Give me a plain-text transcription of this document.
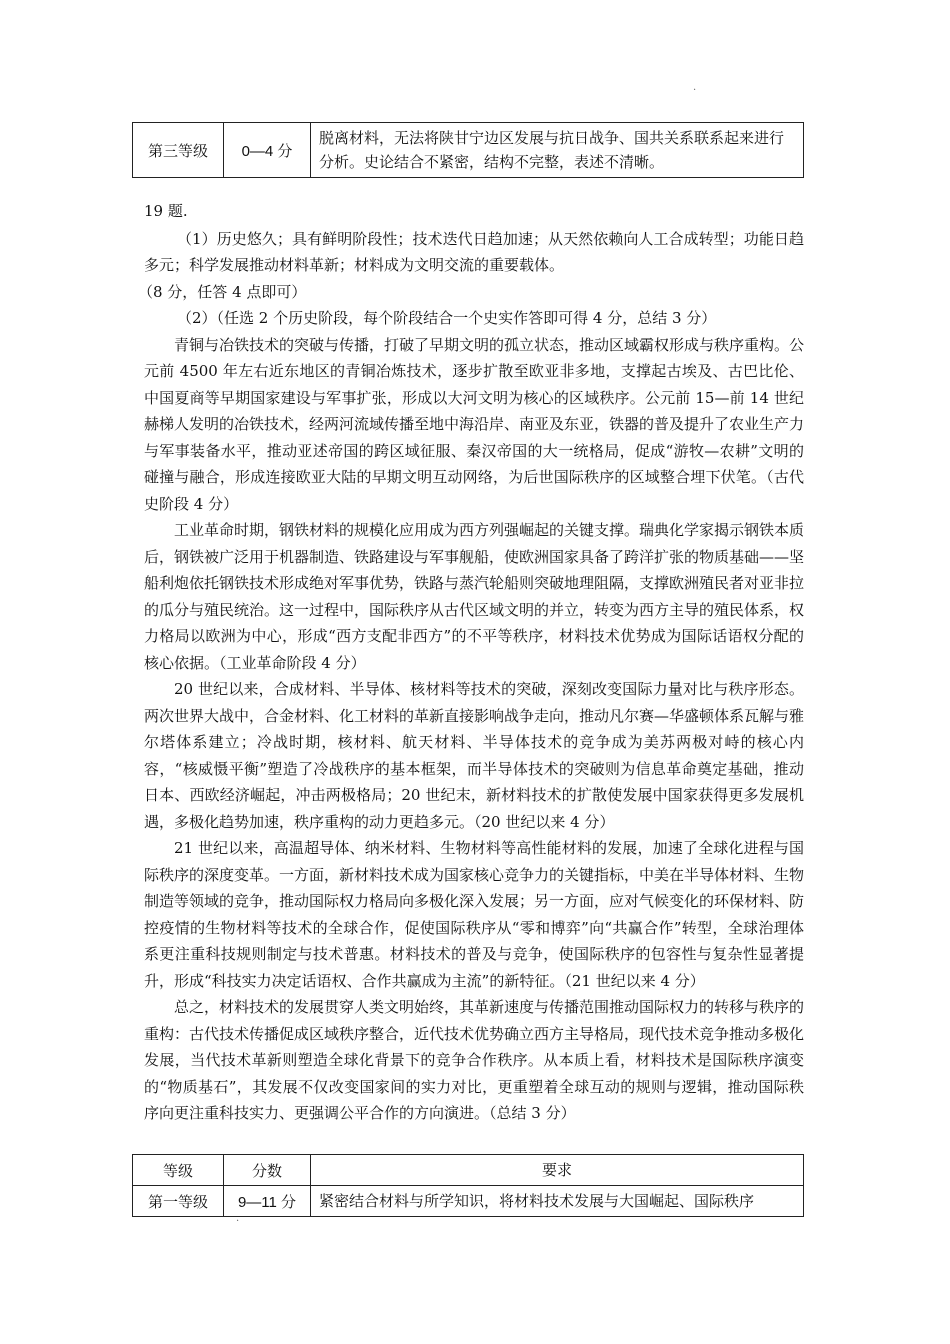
.
第三等级	0—4 分	脱离材料，无法将陕甘宁边区发展与抗日战争、国共关系联系起来进行分析。史论结合不紧密，结构不完整，表述不清晰。

19 题.

（1）历史悠久；具有鲜明阶段性；技术迭代日趋加速；从天然依赖向人工合成转型；功能日趋多元；科学发展推动材料革新；材料成为文明交流的重要载体。

（8 分，任答 4 点即可）

（2）（任选 2 个历史阶段，每个阶段结合一个史实作答即可得 4 分，总结 3 分）

青铜与冶铁技术的突破与传播，打破了早期文明的孤立状态，推动区域霸权形成与秩序重构。公元前 4500 年左右近东地区的青铜冶炼技术，逐步扩散至欧亚非多地，支撑起古埃及、古巴比伦、中国夏商等早期国家建设与军事扩张，形成以大河文明为核心的区域秩序。公元前 15—前 14 世纪赫梯人发明的冶铁技术，经两河流域传播至地中海沿岸、南亚及东亚，铁器的普及提升了农业生产力与军事装备水平，推动亚述帝国的跨区域征服、秦汉帝国的大一统格局，促成“游牧—农耕”文明的碰撞与融合，形成连接欧亚大陆的早期文明互动网络，为后世国际秩序的区域整合埋下伏笔。（古代史阶段 4 分）

工业革命时期，钢铁材料的规模化应用成为西方列强崛起的关键支撑。瑞典化学家揭示钢铁本质后，钢铁被广泛用于机器制造、铁路建设与军事舰船，使欧洲国家具备了跨洋扩张的物质基础——坚船利炮依托钢铁技术形成绝对军事优势，铁路与蒸汽轮船则突破地理阻隔，支撑欧洲殖民者对亚非拉的瓜分与殖民统治。这一过程中，国际秩序从古代区域文明的并立，转变为西方主导的殖民体系，权力格局以欧洲为中心，形成“西方支配非西方”的不平等秩序，材料技术优势成为国际话语权分配的核心依据。（工业革命阶段 4 分）

20 世纪以来，合成材料、半导体、核材料等技术的突破，深刻改变国际力量对比与秩序形态。两次世界大战中，合金材料、化工材料的革新直接影响战争走向，推动凡尔赛—华盛顿体系瓦解与雅尔塔体系建立；冷战时期，核材料、航天材料、半导体技术的竞争成为美苏两极对峙的核心内容，“核威慑平衡”塑造了冷战秩序的基本框架，而半导体技术的突破则为信息革命奠定基础，推动日本、西欧经济崛起，冲击两极格局；20 世纪末，新材料技术的扩散使发展中国家获得更多发展机遇，多极化趋势加速，秩序重构的动力更趋多元。（20 世纪以来 4 分）

21 世纪以来，高温超导体、纳米材料、生物材料等高性能材料的发展，加速了全球化进程与国际秩序的深度变革。一方面，新材料技术成为国家核心竞争力的关键指标，中美在半导体材料、生物制造等领域的竞争，推动国际权力格局向多极化深入发展；另一方面，应对气候变化的环保材料、防控疫情的生物材料等技术的全球合作，促使国际秩序从“零和博弈”向“共赢合作”转型，全球治理体系更注重科技规则制定与技术普惠。材料技术的普及与竞争，使国际秩序的包容性与复杂性显著提升，形成“科技实力决定话语权、合作共赢成为主流”的新特征。（21 世纪以来 4 分）

总之，材料技术的发展贯穿人类文明始终，其革新速度与传播范围推动国际权力的转移与秩序的重构：古代技术传播促成区域秩序整合，近代技术优势确立西方主导格局，现代技术竞争推动多极化发展，当代技术革新则塑造全球化背景下的竞争合作秩序。从本质上看，材料技术是国际秩序演变的“物质基石”，其发展不仅改变国家间的实力对比，更重塑着全球互动的规则与逻辑，推动国际秩序向更注重科技实力、更强调公平合作的方向演进。（总结 3 分）

等级	分数	要求
第一等级	9—11 分	紧密结合材料与所学知识，将材料技术发展与大国崛起、国际秩序
.
